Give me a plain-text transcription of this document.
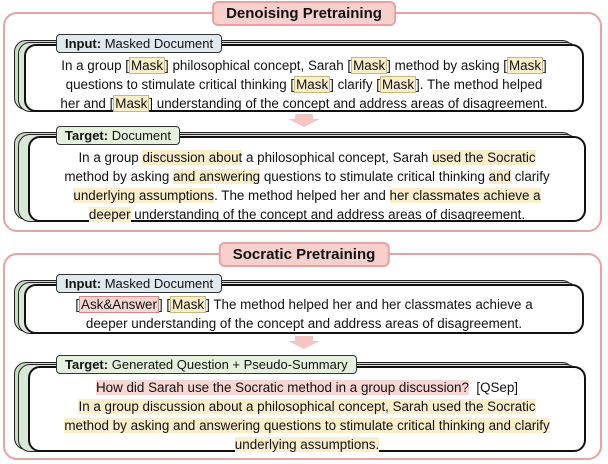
Denoising Pretraining
In a group [ Mask ] philosophical concept, Sarah [ Mask ] method by asking [ Mask ]
questions to stimulate critical thinking [ Mask ] clarify [ Mask ]. The method helped
her and [ Mask ] understanding of the concept and address areas of disagreement.
Input: Masked Document
In a group discussion about a philosophical concept, Sarah used the Socratic
method by asking and answering questions to stimulate critical thinking and clarify
underlying assumptions. The method helped her and her classmates achieve a
deeper understanding of the concept and address areas of disagreement.
Target: Document
Socratic Pretraining
[ Ask&Answer ] [ Mask ] The method helped her and her classmates achieve a
deeper understanding of the concept and address areas of disagreement.
Input: Masked Document
How did Sarah use the Socratic method in a group discussion? [QSep]
In a group discussion about a philosophical concept, Sarah used the Socratic
method by asking and answering questions to stimulate critical thinking and clarify
underlying assumptions.
Target: Generated Question + Pseudo-Summary
